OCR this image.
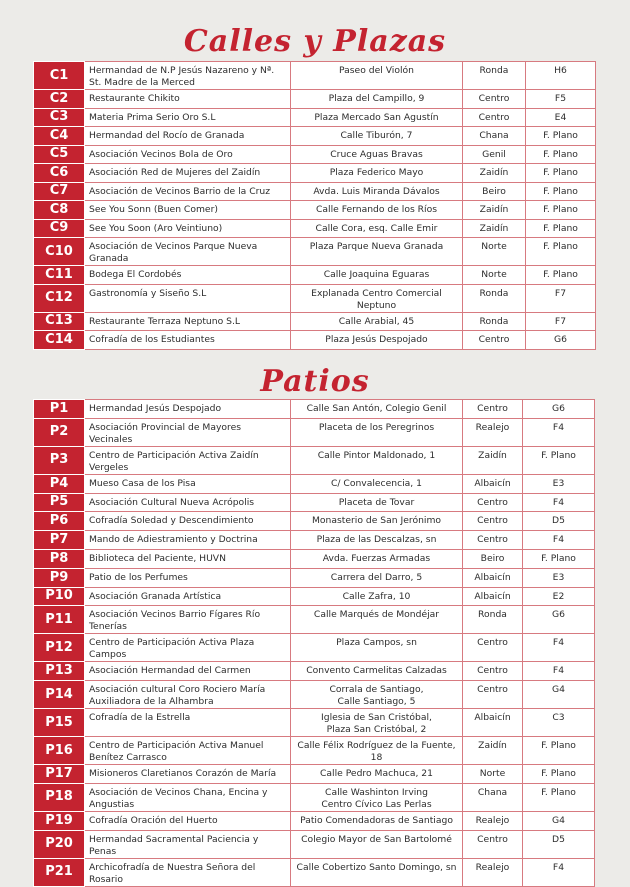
Calles y Plazas
C1	Hermandad de N.P Jesús Nazareno y Nª. St. Madre de la Merced	Paseo del Violón	Ronda	H6
C2	Restaurante Chikito	Plaza del Campillo, 9	Centro	F5
C3	Materia Prima Serio Oro S.L	Plaza Mercado San Agustín	Centro	E4
C4	Hermandad del Rocío de Granada	Calle Tiburón, 7	Chana	F. Plano
C5	Asociación Vecinos Bola de Oro	Cruce Aguas Bravas	Genil	F. Plano
C6	Asociación Red de Mujeres del Zaidín	Plaza Federico Mayo	Zaidín	F. Plano
C7	Asociación de Vecinos Barrio de la Cruz	Avda. Luis Miranda Dávalos	Beiro	F. Plano
C8	See You Sonn (Buen Comer)	Calle Fernando de los Ríos	Zaidín	F. Plano
C9	See You Soon (Aro Veintiuno)	Calle Cora, esq. Calle Emir	Zaidín	F. Plano
C10	Asociación de Vecinos Parque Nueva Granada	Plaza Parque Nueva Granada	Norte	F. Plano
C11	Bodega El Cordobés	Calle Joaquina Eguaras	Norte	F. Plano
C12	Gastronomía y Siseño S.L	Explanada Centro Comercial Neptuno	Ronda	F7
C13	Restaurante Terraza Neptuno S.L	Calle Arabial, 45	Ronda	F7
C14	Cofradía de los Estudiantes	Plaza Jesús Despojado	Centro	G6
Patios
P1	Hermandad Jesús Despojado	Calle San Antón, Colegio Genil	Centro	G6
P2	Asociación Provincial de Mayores Vecinales	Placeta de los Peregrinos	Realejo	F4
P3	Centro de Participación Activa Zaidín Vergeles	Calle Pintor Maldonado, 1	Zaidín	F. Plano
P4	Mueso Casa de los Pisa	C/ Convalecencia, 1	Albaicín	E3
P5	Asociación Cultural Nueva Acrópolis	Placeta de Tovar	Centro	F4
P6	Cofradía Soledad y Descendimiento	Monasterio de San Jerónimo	Centro	D5
P7	Mando de Adiestramiento y Doctrina	Plaza de las Descalzas, sn	Centro	F4
P8	Biblioteca del Paciente, HUVN	Avda. Fuerzas Armadas	Beiro	F. Plano
P9	Patio de los Perfumes	Carrera del Darro, 5	Albaicín	E3
P10	Asociación Granada Artística	Calle Zafra, 10	Albaicín	E2
P11	Asociación Vecinos Barrio Fígares Río Tenerías	Calle Marqués de Mondéjar	Ronda	G6
P12	Centro de Participación Activa Plaza Campos	Plaza Campos, sn	Centro	F4
P13	Asociación Hermandad del Carmen	Convento Carmelitas Calzadas	Centro	F4
P14	Asociación cultural Coro Rociero María Auxiliadora de la Alhambra	Corrala de Santiago,
Calle Santiago, 5	Centro	G4
P15	Cofradía de la Estrella	Iglesia de San Cristóbal,
Plaza San Cristóbal, 2	Albaicín	C3
P16	Centro de Participación Activa Manuel Benítez Carrasco	Calle Félix Rodríguez de la Fuente, 18	Zaidín	F. Plano
P17	Misioneros Claretianos Corazón de María	Calle Pedro Machuca, 21	Norte	F. Plano
P18	Asociación de Vecinos Chana, Encina y Angustias	Calle Washinton Irving
Centro Cívico Las Perlas	Chana	F. Plano
P19	Cofradía Oración del Huerto	Patio Comendadoras de Santiago	Realejo	G4
P20	Hermandad Sacramental Paciencia y Penas	Colegio Mayor de San Bartolomé	Centro	D5
P21	Archicofradía de Nuestra Señora del Rosario	Calle Cobertizo Santo Domingo, sn	Realejo	F4
